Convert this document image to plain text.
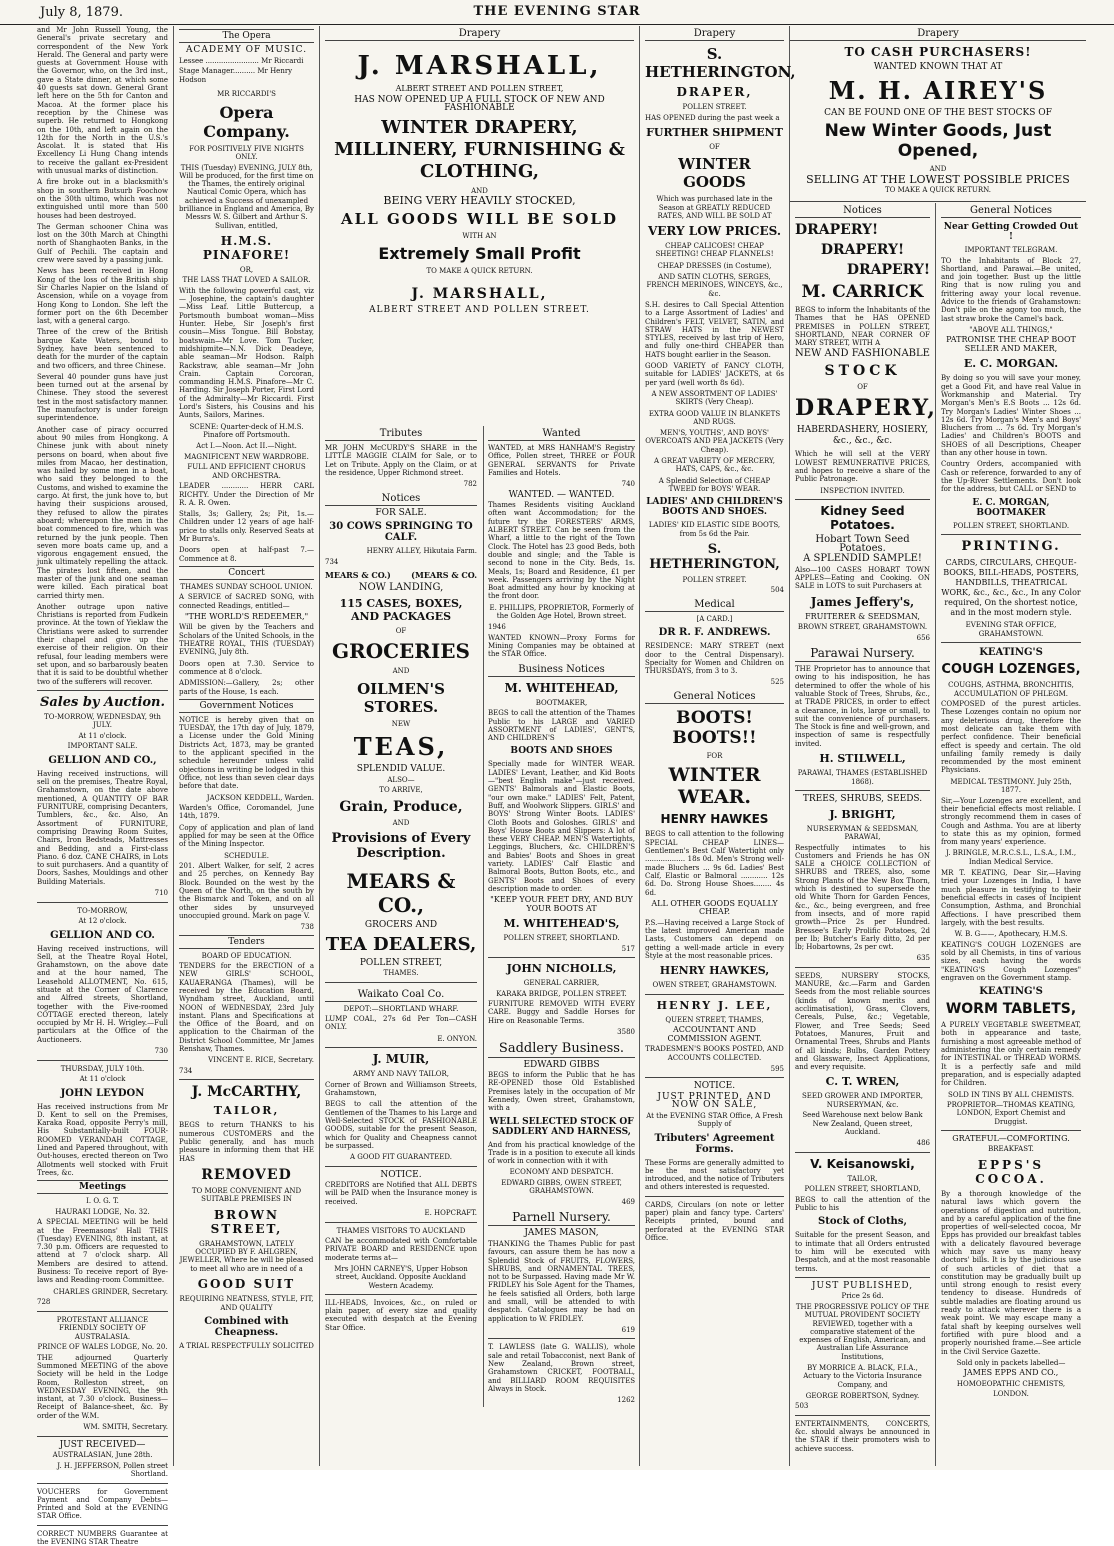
July 8, 1879.	THE EVENING STAR

and Mr John Russell Young, the General's private secretary and correspondent of the New York Herald. The General and party were guests at Government House with the Governor, who, on the 3rd inst., gave a State dinner, at which some 40 guests sat down. General Grant left here on the 5th for Canton and Macoa. At the former place his reception by the Chinese was superb. He returned to Hongkong on the 10th, and left again on the 12th for the North in the U.S.'s Ascolat. It is stated that His Excellency Li Hung Chang intends to receive the gallant ex-President with unusual marks of distinction.

A fire broke out in a blacksmith's shop in southern Butsurb Foochow on the 30th ultimo, which was not extinguished until more than 500 houses had been destroyed.

The German schooner China was lost on the 30th March at Chingthi north of Shanghaoten Banks, in the Gulf of Pechili. The captain and crew were saved by a passing junk.

News has been received in Hong Kong of the loss of the British ship Sir Charles Napier on the Island of Ascension, while on a voyage from Hong Kong to London. She left the former port on the 6th December last, with a general cargo.

Three of the crew of the British barque Kate Waters, bound to Sydney, have been sentenced to death for the murder of the captain and two officers, and three Chinese.

Several 40 pounder guns have just been turned out at the arsenal by Chinese. They stood the severest test in the most satisfactory manner. The manufactory is under foreign superintendence.

Another case of piracy occurred about 90 miles from Hongkong. A Chinese junk with about ninety persons on board, when about five miles from Macao, her destination, was hailed by some men in a boat, who said they belonged to the Customs, and wished to examine the cargo. At first, the junk hove to, but having their suspicions aroused, they refused to allow the pirates aboard; whereupon the men in the boat commenced to fire, which was returned by the junk people. Then seven more boats came up, and a vigorous engagement ensued, the junk ultimately repelling the attack. The pirates lost fifteen, and the master of the junk and one seaman were killed. Each piratical boat carried thirty men.

Another outrage upon native Christians is reported from Fudkein province. At the town of Yieklaw the Christians were asked to surrender their chapel and give up the exercise of their religion. On their refusal, four leading members were set upon, and so barbarously beaten that it is said to be doubtful whether two of the sufferers will recover.

Sales by Auction.
TO-MORROW, WEDNESDAY, 9th JULY.
At 11 o'clock.
IMPORTANT SALE.
GELLION AND CO.,

Having received instructions, will sell on the premises, Theatre Royal, Grahamstown, on the date above mentioned, A QUANTITY OF BAR FURNITURE, comprising Decanters, Tumblers, &c., &c. Also, An Assortment of FURNITURE, comprising Drawing Room Suites, Chairs, Iron Bedsteads, Mattresses and Bedding, and a First-class Piano. 6 doz. CANE CHAIRS, in Lots to suit purchasers. And a quantity of Doors, Sashes, Mouldings and other Building Materials.

710
TO-MORROW,
At 12 o'clock.
GELLION AND CO.

Having received instructions, will Sell, at the Theatre Royal Hotel, Grahamstown, on the above date and at the hour named, The Leasehold ALLOTMENT, No. 615, situate at the Corner of Clarence and Alfred streets, Shortland, together with the Five-roomed COTTAGE erected thereon, lately occupied by Mr H. H. Wrigley.—Full particulars at the Office of the Auctioneers.

730
THURSDAY, JULY 10th.
At 11 o'clock
JOHN LEYDON

Has received instructions from Mr D. Kent to sell on the Premises, Karaka Road, opposite Perry's mill, His Substantially-built FOUR-ROOMED VERANDAH COTTAGE, Lined and Papered throughout, with Out-houses, erected thereon on Two Allotments well stocked with Fruit Trees, &c.

Meetings
I. O. G. T.
HAURAKI LODGE, No. 32.

A SPECIAL MEETING will be held at the Freemasons' Hall THIS (Tuesday) EVENING, 8th instant, at 7.30 p.m. Officers are requested to attend at 7 o'clock sharp. All Members are desired to attend. Business: To receive report of Bye-laws and Reading-room Committee.

CHARLES GRINDER, Secretary.
728
PROTESTANT ALLIANCE FRIENDLY SOCIETY OF AUSTRALASIA.
PRINCE OF WALES LODGE, No. 20.

THE adjourned Quarterly Summoned MEETING of the above Society will be held in the Lodge Room, Rolleston street, on WEDNESDAY EVENING, the 9th instant, at 7.30 o'clock. Business—Receipt of Balance-sheet, &c. By order of the W.M.

WM. SMITH, Secretary.
JUST RECEIVED—
AUSTRALASIAN, June 28th.
J. H. JEFFERSON, Pollen street Shortland.

VOUCHERS for Government Payment and Company Debts—Printed and Sold at the EVENING STAR Office.

CORRECT NUMBERS Guarantee at the EVENING STAR Theatre

The Opera
ACADEMY OF MUSIC.
Lessee ........................ Mr Riccardi
Stage Manager.......... Mr Henry Hodson
MR RICCARDI'S
Opera Company.
FOR POSITIVELY FIVE NIGHTS ONLY.

THIS (Tuesday) EVENING, JULY 8th, Will be produced, for the first time on the Thames, the entirely original Nautical Comic Opera, which has achieved a Success of unexampled brilliance in England and America, By Messrs W. S. Gilbert and Arthur S. Sullivan, entitled,

H.M.S. PINAFORE!
OR,
THE LASS THAT LOVED A SAILOR.

With the following powerful cast, viz— Josephine, the captain's daughter—Miss Leaf. Little Buttercup, a Portsmouth bumboat woman—Miss Hunter. Hebe, Sir Joseph's first cousin—Miss Tongue. Bill Bobstay, boatswain—Mr Love. Tom Tucker, midshipmite—N.N. Dick Deadeye, able seaman—Mr Hodson. Ralph Rackstraw, able seaman—Mr John Crain. Captain Corcoran, commanding H.M.S. Pinafore—Mr C. Harding. Sir Joseph Porter, First Lord of the Admiralty—Mr Riccardi. First Lord's Sisters, his Cousins and his Aunts, Sailors, Marines.

SCENE: Quarter-deck of H.M.S. Pinafore off Portsmouth.

Act I.—Noon. Act II.—Night.
MAGNIFICENT NEW WARDROBE.
FULL AND EFFICIENT CHORUS AND ORCHESTRA.

LEADER ............ HERR CARL RICHTY. Under the Direction of Mr R. A. R. Owen.

Stalls, 3s; Gallery, 2s; Pit, 1s.—Children under 12 years of age half-price to stalls only. Reserved Seats at Mr Burra's.

Doors open at half-past 7.—Commence at 8.

Concert
THAMES SUNDAY SCHOOL UNION.

A SERVICE of SACRED SONG, with connected Readings, entitled—

"THE WORLD'S REDEEMER,"

Will be given by the Teachers and Scholars of the United Schools, in the THEATRE ROYAL, THIS (TUESDAY) EVENING, July 8th.

Doors open at 7.30. Service to commence at 8 o'clock.

ADMISSION:—Gallery, 2s; other parts of the House, 1s each.

Government Notices

NOTICE is hereby given that on TUESDAY, the 17th day of July, 1879, a License under the Gold Mining Districts Act, 1873, may be granted to the applicant specified in the schedule hereunder unless valid objections in writing be lodged in this Office, not less than seven clear days before that date.

JACKSON KEDDELL, Warden.

Warden's Office, Coromandel, June 14th, 1879.

Copy of application and plan of land applied for may be seen at the Office of the Mining Inspector.

SCHEDULE.

201. Albert Walker, for self, 2 acres and 25 perches, on Kennedy Bay Block. Bounded on the west by the Queen of the North, on the south by the Bismarck and Token, and on all other sides by unsurveyed unoccupied ground. Mark on page V.

738
Tenders
BOARD OF EDUCATION.

TENDERS for the ERECTION of a NEW GIRLS' SCHOOL, KAUAERANGA (Thames), will be received by the Education Board, Wyndham street, Auckland, until NOON of WEDNESDAY, 23rd July instant. Plans and Specifications at the Office of the Board, and on application to the Chairman of the District School Committee, Mr James Renshaw, Thames.

VINCENT E. RICE, Secretary.
734
J. McCARTHY,
TAILOR,

BEGS to return THANKS to his numerous CUSTOMERS and the Public generally, and has much pleasure in informing them that HE HAS

REMOVED
TO MORE CONVENIENT AND SUITABLE PREMISES IN
BROWN STREET,

GRAHAMSTOWN, LATELY OCCUPIED BY F. AHLGREN, JEWELLER, Where he will be pleased to meet all who are in need of a

GOOD SUIT
REQUIRING NEATNESS, STYLE, FIT, AND QUALITY
Combined with Cheapness.
A TRIAL RESPECTFULLY SOLICITED
Drapery
J. MARSHALL,
ALBERT STREET AND POLLEN STREET,
HAS NOW OPENED UP A FULL STOCK OF NEW AND FASHIONABLE
WINTER DRAPERY, MILLINERY, FURNISHING & CLOTHING,
AND
BEING VERY HEAVILY STOCKED,
ALL GOODS WILL BE SOLD
WITH AN
Extremely Small Profit
TO MAKE A QUICK RETURN.
J. MARSHALL,
ALBERT STREET AND POLLEN STREET.
Tributes

MR JOHN McCURDY'S SHARE in the LITTLE MAGGIE CLAIM for Sale, or to Let on Tribute. Apply on the Claim, or at the residence, Upper Richmond street.

782
Notices
FOR SALE.
30 COWS SPRINGING TO CALF.
HENRY ALLEY, Hikutaia Farm.
734
MEARS & CO.)	(MEARS & CO.
NOW LANDING,
115 CASES, BOXES, AND PACKAGES
OF
GROCERIES
AND
OILMEN'S STORES.
NEW
TEAS,
SPLENDID VALUE.
ALSO—
TO ARRIVE,
Grain, Produce,
AND
Provisions of Every Description.
MEARS & CO.,
GROCERS AND
TEA DEALERS,
POLLEN STREET,
THAMES.
Waikato Coal Co.
DEPOT:—SHORTLAND WHARF.

LUMP COAL, 27s 6d Per Ton—CASH ONLY.

E. ONYON.
J. MUIR,
ARMY AND NAVY TAILOR,

Corner of Brown and Williamson Streets, Grahamstown,

BEGS to call the attention of the Gentlemen of the Thames to his Large and Well-Selected STOCK of FASHIONABLE GOODS, suitable for the present Season, which for Quality and Cheapness cannot be surpassed.

A GOOD FIT GUARANTEED.
NOTICE.

CREDITORS are Notified that ALL DEBTS will be PAID when the Insurance money is received.

E. HOPCRAFT.
THAMES VISITORS TO AUCKLAND

CAN be accommodated with Comfortable PRIVATE BOARD and RESIDENCE upon moderate terms at—

Mrs JOHN CARNEY'S, Upper Hobson street, Auckland. Opposite Auckland Western Academy.

ILL-HEADS, Invoices, &c., on ruled or plain paper, of every size and quality executed with despatch at the Evening Star Office.

Wanted

WANTED, at MRS HANHAM'S Registry Office, Pollen street, THREE or FOUR GENERAL SERVANTS for Private Families and Hotels.

740
WANTED. — WANTED.

Thames Residents visiting Auckland often want Accommodation; for the future try the FORESTERS' ARMS, ALBERT STREET. Can be seen from the Wharf, a little to the right of the Town Clock. The Hotel has 23 good Beds, both double and single; and the Table is second to none in the City. Beds, 1s. Meals, 1s; Board and Residence, £1 per week. Passengers arriving by the Night Boat admitted any hour by knocking at the front door.

E. PHILLIPS, PROPRIETOR, Formerly of the Golden Age Hotel, Brown street.

1946

WANTED KNOWN—Proxy Forms for Mining Companies may be obtained at the STAR Office.

Business Notices
M. WHITEHEAD,
BOOTMAKER,

BEGS to call the attention of the Thames Public to his LARGE and VARIED ASSORTMENT of LADIES', GENT'S, AND CHILDREN'S

BOOTS AND SHOES

Specially made for WINTER WEAR. LADIES' Levant, Leather, and Kid Boots—"best English make"—just received. GENTS' Balmorals and Elastic Boots, "our own make." LADIES' Felt, Patent, Buff, and Woolwork Slippers. GIRLS' and BOYS' Strong Winter Boots. LADIES' Cloth Boots and Goloshes. GIRLS' and Boys' House Boots and Slippers: A lot of these VERY CHEAP. MEN'S Watertights, Leggings, Bluchers, &c. CHILDREN'S and Babies' Boots and Shoes in great variety. LADIES' Calf Elastic and Balmoral Boots, Button Boots, etc., and GENTS' Boots and Shoes of every description made to order.

"KEEP YOUR FEET DRY, AND BUY YOUR BOOTS AT
M. WHITEHEAD'S,
POLLEN STREET, SHORTLAND.
517
JOHN NICHOLLS,
GENERAL CARRIER,
KARAKA BRIDGE, POLLEN STREET.

FURNITURE REMOVED WITH EVERY CARE. Buggy and Saddle Horses for Hire on Reasonable Terms.

3580
Saddlery Business.
EDWARD GIBBS

BEGS to inform the Public that he has RE-OPENED those Old Established Premises lately in the occupation of Mr Kennedy, Owen street, Grahamstown, with a

WELL SELECTED STOCK OF SADDLERY AND HARNESS,

And from his practical knowledge of the Trade is in a position to execute all kinds of work in connection with it with

ECONOMY AND DESPATCH.
EDWARD GIBBS, OWEN STREET, GRAHAMSTOWN.
469
Parnell Nursery.
JAMES MASON,

THANKING the Thames Public for past favours, can assure them he has now a Splendid Stock of FRUITS, FLOWERS, SHRUBS, and ORNAMENTAL TREES, not to be Surpassed. Having made Mr W. FRIDLEY his Sole Agent for the Thames, he feels satisfied all Orders, both large and small, will be attended to with despatch. Catalogues may be had on application to W. FRIDLEY.

619

T. LAWLESS (late G. WALLIS), whole sale and retail Tobacconist, next Bank of New Zealand, Brown street, Grahamstown CRICKET, FOOTBALL, and BILLIARD ROOM REQUISITES Always in Stock.

1262
Drapery
S. HETHERINGTON,
DRAPER,
POLLEN STREET.

HAS OPENED during the past week a

FURTHER SHIPMENT
OF
WINTER GOODS

Which was purchased late in the Season at GREATLY REDUCED RATES, AND WILL BE SOLD AT

VERY LOW PRICES.

CHEAP CALICOES! CHEAP SHEETING! CHEAP FLANNELS!

CHEAP DRESSES (in Costume),

AND SATIN CLOTHS, SERGES, FRENCH MERINOES, WINCEYS, &c., &c.

S.H. desires to Call Special Attention to a Large Assortment of Ladies' and Children's FELT, VELVET, SATIN, and STRAW HATS in the NEWEST STYLES, received by last trip of Hero, and fully one-third CHEAPER than HATS bought earlier in the Season.

GOOD VARIETY of FANCY CLOTH, suitable for LADIES' JACKETS, at 6s per yard (well worth 8s 6d).

A NEW ASSORTMENT OF LADIES' SKIRTS (Very Cheap).

EXTRA GOOD VALUE IN BLANKETS AND RUGS.

MEN'S, YOUTHS', AND BOYS' OVERCOATS AND PEA JACKETS (Very Cheap).

A GREAT VARIETY OF MERCERY, HATS, CAPS, &c., &c.

A Splendid Selection of CHEAP TWEED for BOYS' WEAR.

LADIES' AND CHILDREN'S BOOTS AND SHOES.

LADIES' KID ELASTIC SIDE BOOTS, from 5s 6d the Pair.

S. HETHERINGTON,
POLLEN STREET.
504
Medical
[A CARD.]
DR R. F. ANDREWS.

RESIDENCE: MARY STREET (next door to the Central Dispensary). Specialty for Women and Children on THURSDAYS, from 3 to 3.

525
General Notices
BOOTS! BOOTS!!
FOR
WINTER WEAR.
HENRY HAWKES

BEGS to call attention to the following SPECIAL CHEAP LINES— Gentlemen's Best Calf Watertight only .................. 18s 0d. Men's Strong well-made Bluchers ... 9s 6d. Ladies' Best Calf, Elastic or Balmoral ............ 12s 6d. Do. Strong House Shoes........ 4s 6d.

ALL OTHER GOODS EQUALLY CHEAP.

P.S.—Having received a Large Stock of the latest improved American made Lasts, Customers can depend on getting a well-made article in every Style at the most reasonable prices.

HENRY HAWKES,
OWEN STREET, GRAHAMSTOWN.
HENRY J. LEE,
QUEEN STREET, THAMES,
ACCOUNTANT AND COMMISSION AGENT.

TRADESMEN'S BOOKS POSTED, AND ACCOUNTS COLLECTED.

595
NOTICE.
JUST PRINTED, AND NOW ON SALE,

At the EVENING STAR Office, A Fresh Supply of

Tributers' Agreement Forms.

These Forms are generally admitted to be the most satisfactory yet introduced, and the notice of Tributers and others interested is requested.

CARDS, Circulars (on note or letter paper) plain and fancy type. Carters' Receipts printed, bound and perforated at the EVENING STAR Office.

Drapery
TO CASH PURCHASERS!
WANTED KNOWN THAT AT
M. H. AIREY'S
CAN BE FOUND ONE OF THE BEST STOCKS OF
New Winter Goods, Just Opened,
AND
SELLING AT THE LOWEST POSSIBLE PRICES
TO MAKE A QUICK RETURN.
Notices
DRAPERY!
DRAPERY!
DRAPERY!
M. CARRICK

BEGS to inform the Inhabitants of the Thames that he HAS OPENED PREMISES in POLLEN STREET, SHORTLAND, NEAR CORNER OF MARY STREET, WITH A

NEW AND FASHIONABLE
STOCK
OF
DRAPERY,

HABERDASHERY, HOSIERY, &c., &c., &c.

Which he will sell at the VERY LOWEST REMUNERATIVE PRICES, and hopes to receive a share of the Public Patronage.

INSPECTION INVITED.
Kidney Seed Potatoes.
Hobart Town Seed Potatoes.
A SPLENDID SAMPLE!

Also—100 CASES HOBART TOWN APPLES—Eating and Cooking. ON SALE in LOTS to suit Purchasers at

James Jeffery's,
FRUITERER & SEEDSMAN,
BROWN STREET, GRAHAMSTOWN.
656
Parawai Nursery.

THE Proprietor has to announce that owing to his indisposition, he has determined to offer the whole of his valuable Stock of Trees, Shrubs, &c., at TRADE PRICES, in order to effect a clearance, in lots, large or small, to suit the convenience of purchasers. The Stock is fine and well-grown, and inspection of same is respectfully invited.

H. STILWELL,
PARAWAI, THAMES (ESTABLISHED 1868).
TREES, SHRUBS, SEEDS.
J. BRIGHT,
NURSERYMAN & SEEDSMAN, PARAWAI,

Respectfully intimates to his Customers and Friends he has ON SALE a CHOICE COLLECTION of SHRUBS and TREES, also, some Strong Plants of the New Box Thorn, which is destined to supersede the old White Thorn for Garden Fences, &c., &c., being evergreen, and free from insects, and of more rapid growth—Price 2s per Hundred. Bressee's Early Prolific Potatoes, 2d per lb; Butcher's Early ditto, 2d per lb; Hobartowns, 2s per cwt.

635

SEEDS, NURSERY STOCKS, MANURE, &c.—Farm and Garden Seeds from the most reliable sources (kinds of known merits and acclimatisation), Grass, Clovers, Cereals, Pulse, &c.; Vegetable, Flower, and Tree Seeds; Seed Potatoes, Manures, Fruit and Ornamental Trees, Shrubs and Plants of all kinds; Bulbs, Garden Pottery and Glassware, Insect Applications, and every requisite.

C. T. WREN,
SEED GROWER AND IMPORTER, NURSERYMAN, &c.

Seed Warehouse next below Bank New Zealand, Queen street, Auckland.

486
V. Keisanowski,
TAILOR,
POLLEN STREET, SHORTLAND,

BEGS to call the attention of the Public to his

Stock of Cloths,

Suitable for the present Season, and to intimate that all Orders entrusted to him will be executed with Despatch, and at the most reasonable terms.

JUST PUBLISHED,
Price 2s 6d.

THE PROGRESSIVE POLICY OF THE MUTUAL PROVIDENT SOCIETY REVIEWED, together with a comparative statement of the expenses of English, American, and Australian Life Assurance Institutions,

BY MORRICE A. BLACK, F.I.A., Actuary to the Victoria Insurance Company, and

GEORGE ROBERTSON, Sydney.
503

ENTERTAINMENTS, CONCERTS, &c. should always be announced in the STAR if their promoters wish to achieve success.

General Notices
Near Getting Crowded Out !
IMPORTANT TELEGRAM.

TO the Inhabitants of Block 27, Shortland, and Parawai.—Be united, and join together. Bust up the little Ring that is now ruling you and frittering away your local revenue. Advice to the friends of Grahamstown: Don't pile on the agony too much, the last straw broke the Camel's back.

"ABOVE ALL THINGS,"
PATRONISE THE CHEAP BOOT SELLER AND MAKER,
E. C. MORGAN.

By doing so you will save your money, get a Good Fit, and have real Value in Workmanship and Material. Try Morgan's Men's E.S Boots ... 12s 6d. Try Morgan's Ladies' Winter Shoes ... 12s 6d. Try Morgan's Men's and Boys' Bluchers from ... 7s 6d. Try Morgan's Ladies' and Children's BOOTS and SHOES of all Descriptions, Cheaper than any other house in town.

Country Orders, accompanied with Cash or reference, forwarded to any of the Up-River Settlements. Don't look for the address, but CALL or SEND to

E. C. MORGAN, BOOTMAKER
POLLEN STREET, SHORTLAND.
PRINTING.

CARDS, CIRCULARS, CHEQUE-BOOKS, BILL-HEADS, POSTERS, HANDBILLS, THEATRICAL WORK, &c., &c., &c., In any Color required, On the shortest notice, and in the most modern style.

EVENING STAR OFFICE, GRAHAMSTOWN.
KEATING'S
COUGH LOZENGES,
COUGHS, ASTHMA, BRONCHITIS, ACCUMULATION OF PHLEGM.

COMPOSED of the purest articles. These Lozenges contain no opium nor any deleterious drug, therefore the most delicate can take them with perfect confidence. Their beneficial effect is speedy and certain. The old unfailing family remedy is daily recommended by the most eminent Physicians.

MEDICAL TESTIMONY. July 25th, 1877.

Sir,—Your Lozenges are excellent, and their beneficial effects most reliable. I strongly recommend them in cases of Cough and Asthma. You are at liberty to state this as my opinion, formed from many years' experience.

J. BRINGLE, M.R.C.S.L., L.S.A., I.M., Indian Medical Service.

MR T. KEATING, Dear Sir,—Having tried your Lozenges in India, I have much pleasure in testifying to their beneficial effects in cases of Incipient Consumption, Asthma, and Bronchial Affections. I have prescribed them largely, with the best results.

W. B. G——, Apothecary, H.M.S.

KEATING'S COUGH LOZENGES are sold by all Chemists, in tins of various sizes, each having the words "KEATING'S Cough Lozenges" engraven on the Government stamp.

KEATING'S
WORM TABLETS,

A PURELY VEGETABLE SWEETMEAT, both in appearance and taste, furnishing a most agreeable method of administering the only certain remedy for INTESTINAL or THREAD WORMS. It is a perfectly safe and mild preparation, and is especially adapted for Children.

SOLD IN TINS BY ALL CHEMISTS.

PROPRIETOR—THOMAS KEATING, LONDON, Export Chemist and Druggist.

GRATEFUL—COMFORTING.
BREAKFAST.
EPPS'S COCOA.

By a thorough knowledge of the natural laws which govern the operations of digestion and nutrition, and by a careful application of the fine properties of well-selected cocoa, Mr Epps has provided our breakfast tables with a delicately flavoured beverage which may save us many heavy doctors' bills. It is by the judicious use of such articles of diet that a constitution may be gradually built up until strong enough to resist every tendency to disease. Hundreds of subtle maladies are floating around us ready to attack wherever there is a weak point. We may escape many a fatal shaft by keeping ourselves well fortified with pure blood and a properly nourished frame.—See article in the Civil Service Gazette.

Sold only in packets labelled—
JAMES EPPS AND CO.,
HOMOEOPATHIC CHEMISTS,
LONDON.
